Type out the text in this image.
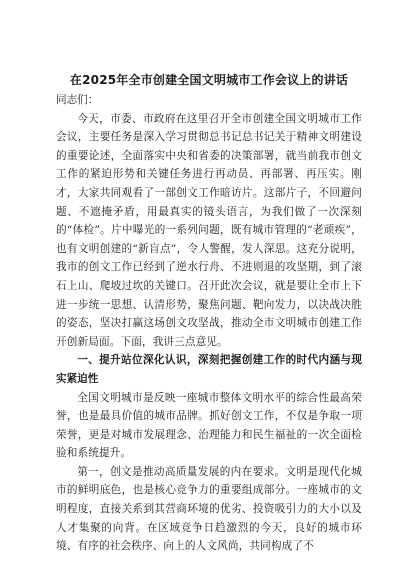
在2025年全市创建全国文明城市工作会议上的讲话

同志们：

今天，市委、市政府在这里召开全市创建全国文明城市工作会议，主要任务是深入学习贯彻总书记总书记关于精神文明建设的重要论述，全面落实中央和省委的决策部署，就当前我市创文工作的紧迫形势和关键任务进行再动员、再部署、再压实。刚才，大家共同观看了一部创文工作暗访片。这部片子，不回避问题、不遮掩矛盾，用最真实的镜头语言，为我们做了一次深刻的“体检”。片中曝光的一系列问题，既有城市管理的“老顽疾”，也有文明创建的“新盲点”，令人警醒，发人深思。这充分说明，我市的创文工作已经到了逆水行舟、不进则退的攻坚期，到了滚石上山、爬坡过坎的关键口。召开此次会议，就是要让全市上下进一步统一思想、认清形势，聚焦问题、靶向发力，以决战决胜的姿态，坚决打赢这场创文攻坚战，推动全市文明城市创建工作开创新局面。下面，我讲三点意见。

一、提升站位深化认识，深刻把握创建工作的时代内涵与现实紧迫性

全国文明城市是反映一座城市整体文明水平的综合性最高荣誉，也是最具价值的城市品牌。抓好创文工作，不仅是争取一项荣誉，更是对城市发展理念、治理能力和民生福祉的一次全面检验和系统提升。

第一，创文是推动高质量发展的内在要求。文明是现代化城市的鲜明底色，也是核心竞争力的重要组成部分。一座城市的文明程度，直接关系到其营商环境的优劣、投资吸引力的大小以及人才集聚的向背。在区域竞争日趋激烈的今天，良好的城市环境、有序的社会秩序、向上的人文风尚，共同构成了不
